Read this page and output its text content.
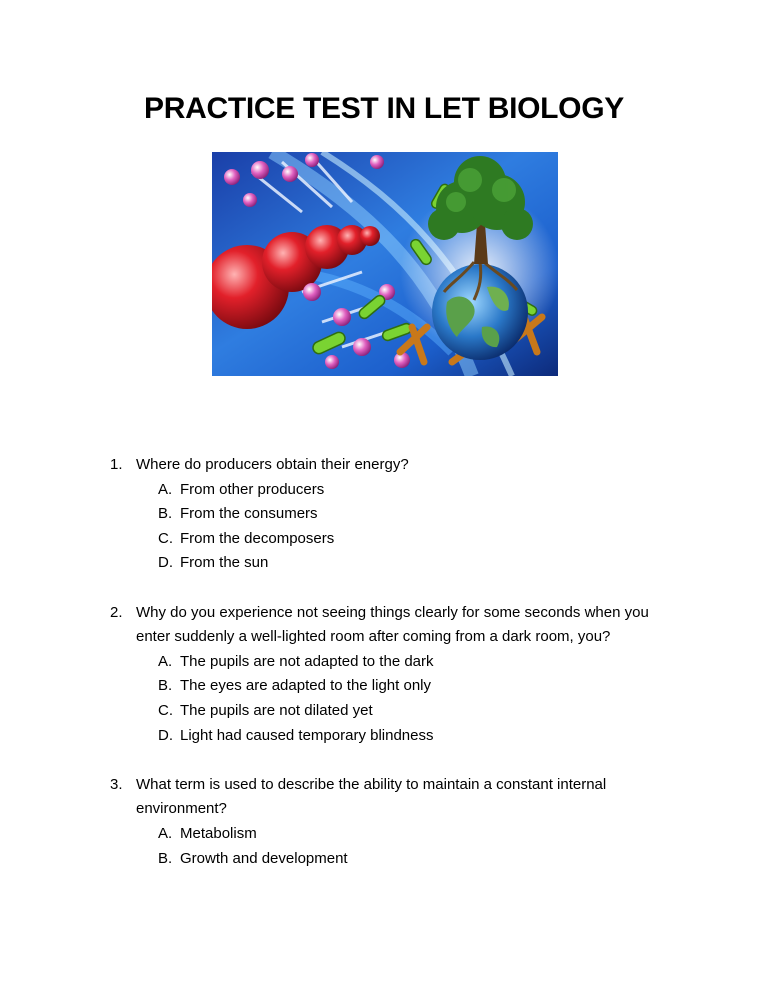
PRACTICE TEST IN LET BIOLOGY
1. Where do producers obtain their energy?
A. From other producers
B. From the consumers
C. From the decomposers
D. From the sun
2. Why do you experience not seeing things clearly for some seconds when you enter suddenly a well-lighted room after coming from a dark room, you?
A. The pupils are not adapted to the dark
B. The eyes are adapted to the light only
C. The pupils are not dilated yet
D. Light had caused temporary blindness
3. What term is used to describe the ability to maintain a constant internal environment?
A. Metabolism
B. Growth and development
